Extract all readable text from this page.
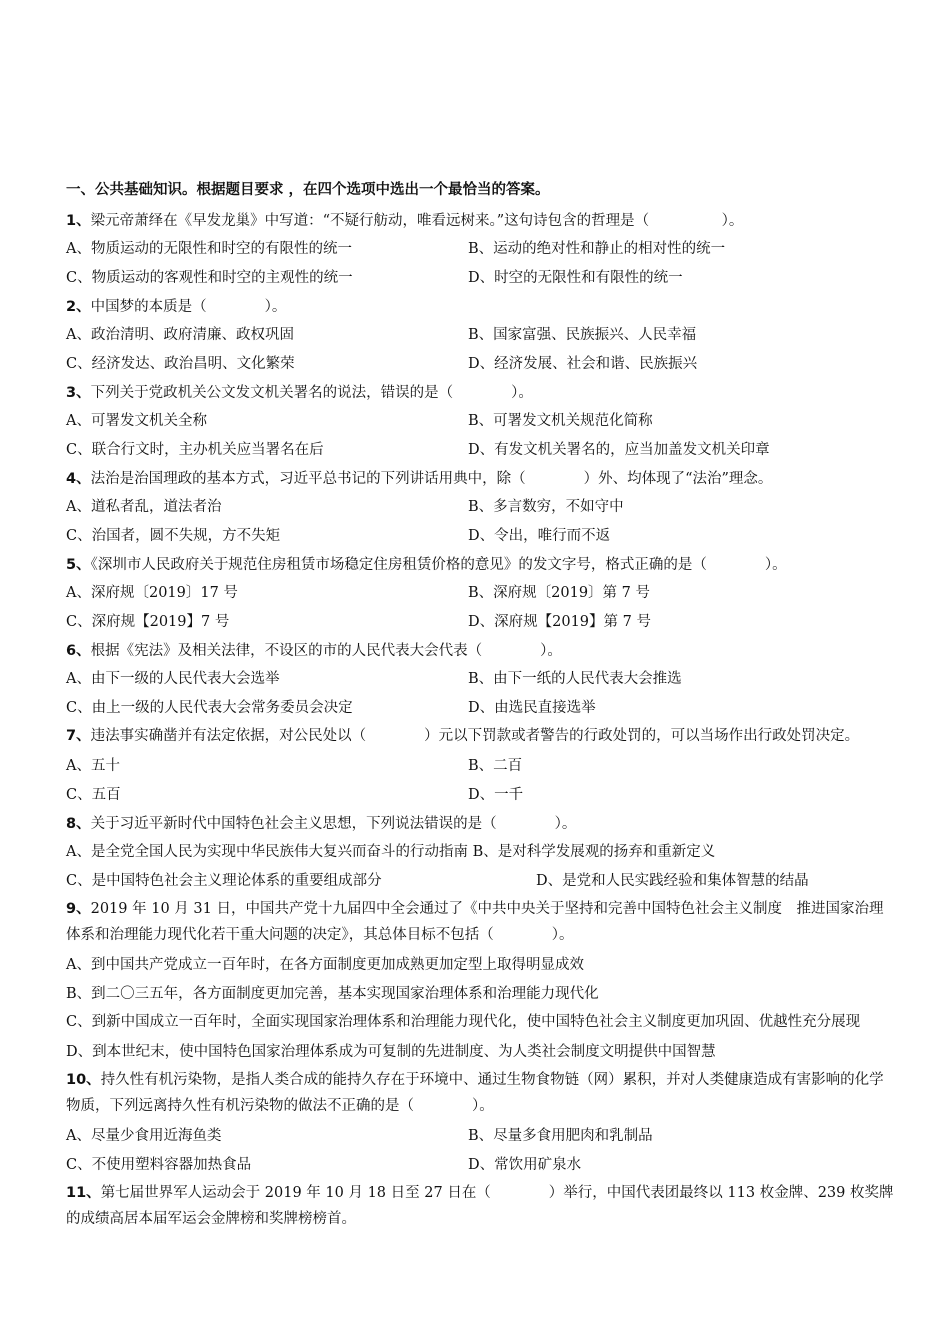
一、公共基础知识。根据题目要求 ，在四个选项中选出一个最恰当的答案。
1、梁元帝萧绎在《早发龙巢》中写道：“不疑行舫动，唯看远树来。”这句诗包含的哲理是（　　　　　）。
A、物质运动的无限性和时空的有限性的统一	B、运动的绝对性和静止的相对性的统一
C、物质运动的客观性和时空的主观性的统一	D、时空的无限性和有限性的统一
2、中国梦的本质是（　　　　）。
A、政治清明、政府清廉、政权巩固	B、国家富强、民族振兴、人民幸福
C、经济发达、政治昌明、文化繁荣	D、经济发展、社会和谐、民族振兴
3、下列关于党政机关公文发文机关署名的说法，错误的是（　　　　）。
A、可署发文机关全称	B、可署发文机关规范化简称
C、联合行文时，主办机关应当署名在后	D、有发文机关署名的，应当加盖发文机关印章
4、法治是治国理政的基本方式，习近平总书记的下列讲话用典中，除（　　　　）外、均体现了“法治”理念。
A、道私者乱，道法者治	B、多言数穷，不如守中
C、治国者，圆不失规，方不失矩	D、令出，唯行而不返
5、《深圳市人民政府关于规范住房租赁市场稳定住房租赁价格的意见》的发文字号，格式正确的是（　　　　）。
A、深府规〔2019〕17 号	B、深府规〔2019〕第 7 号
C、深府规【2019】7 号	D、深府规【2019】第 7 号
6、根据《宪法》及相关法律，不设区的市的人民代表大会代表（　　　　）。
A、由下一级的人民代表大会选举	B、由下一纸的人民代表大会推选
C、由上一级的人民代表大会常务委员会决定	D、由选民直接选举
7、违法事实确凿并有法定依据，对公民处以（　　　　）元以下罚款或者警告的行政处罚的，可以当场作出行政处罚决定。
A、五十	B、二百
C、五百	D、一千
8、关于习近平新时代中国特色社会主义思想，下列说法错误的是（　　　　）。
A、是全党全国人民为实现中华民族伟大复兴而奋斗的行动指南 B、是对科学发展观的扬弃和重新定义
C、是中国特色社会主义理论体系的重要组成部分	D、是党和人民实践经验和集体智慧的结晶
9、2019 年 10 月 31 日，中国共产党十九届四中全会通过了《中共中央关于坚持和完善中国特色社会主义制度　推进国家治理体系和治理能力现代化若干重大问题的决定》，其总体目标不包括（　　　　）。
A、到中国共产党成立一百年时，在各方面制度更加成熟更加定型上取得明显成效
B、到二〇三五年，各方面制度更加完善，基本实现国家治理体系和治理能力现代化
C、到新中国成立一百年时，全面实现国家治理体系和治理能力现代化，使中国特色社会主义制度更加巩固、优越性充分展现
D、到本世纪末，使中国特色国家治理体系成为可复制的先进制度、为人类社会制度文明提供中国智慧
10、持久性有机污染物，是指人类合成的能持久存在于环境中、通过生物食物链（网）累积，并对人类健康造成有害影响的化学物质，下列远离持久性有机污染物的做法不正确的是（　　　　）。
A、尽量少食用近海鱼类	B、尽量多食用肥肉和乳制品
C、不使用塑料容器加热食品	D、常饮用矿泉水
11、第七届世界军人运动会于 2019 年 10 月 18 日至 27 日在（　　　　）举行，中国代表团最终以 113 枚金牌、239 枚奖牌的成绩高居本届军运会金牌榜和奖牌榜榜首。
